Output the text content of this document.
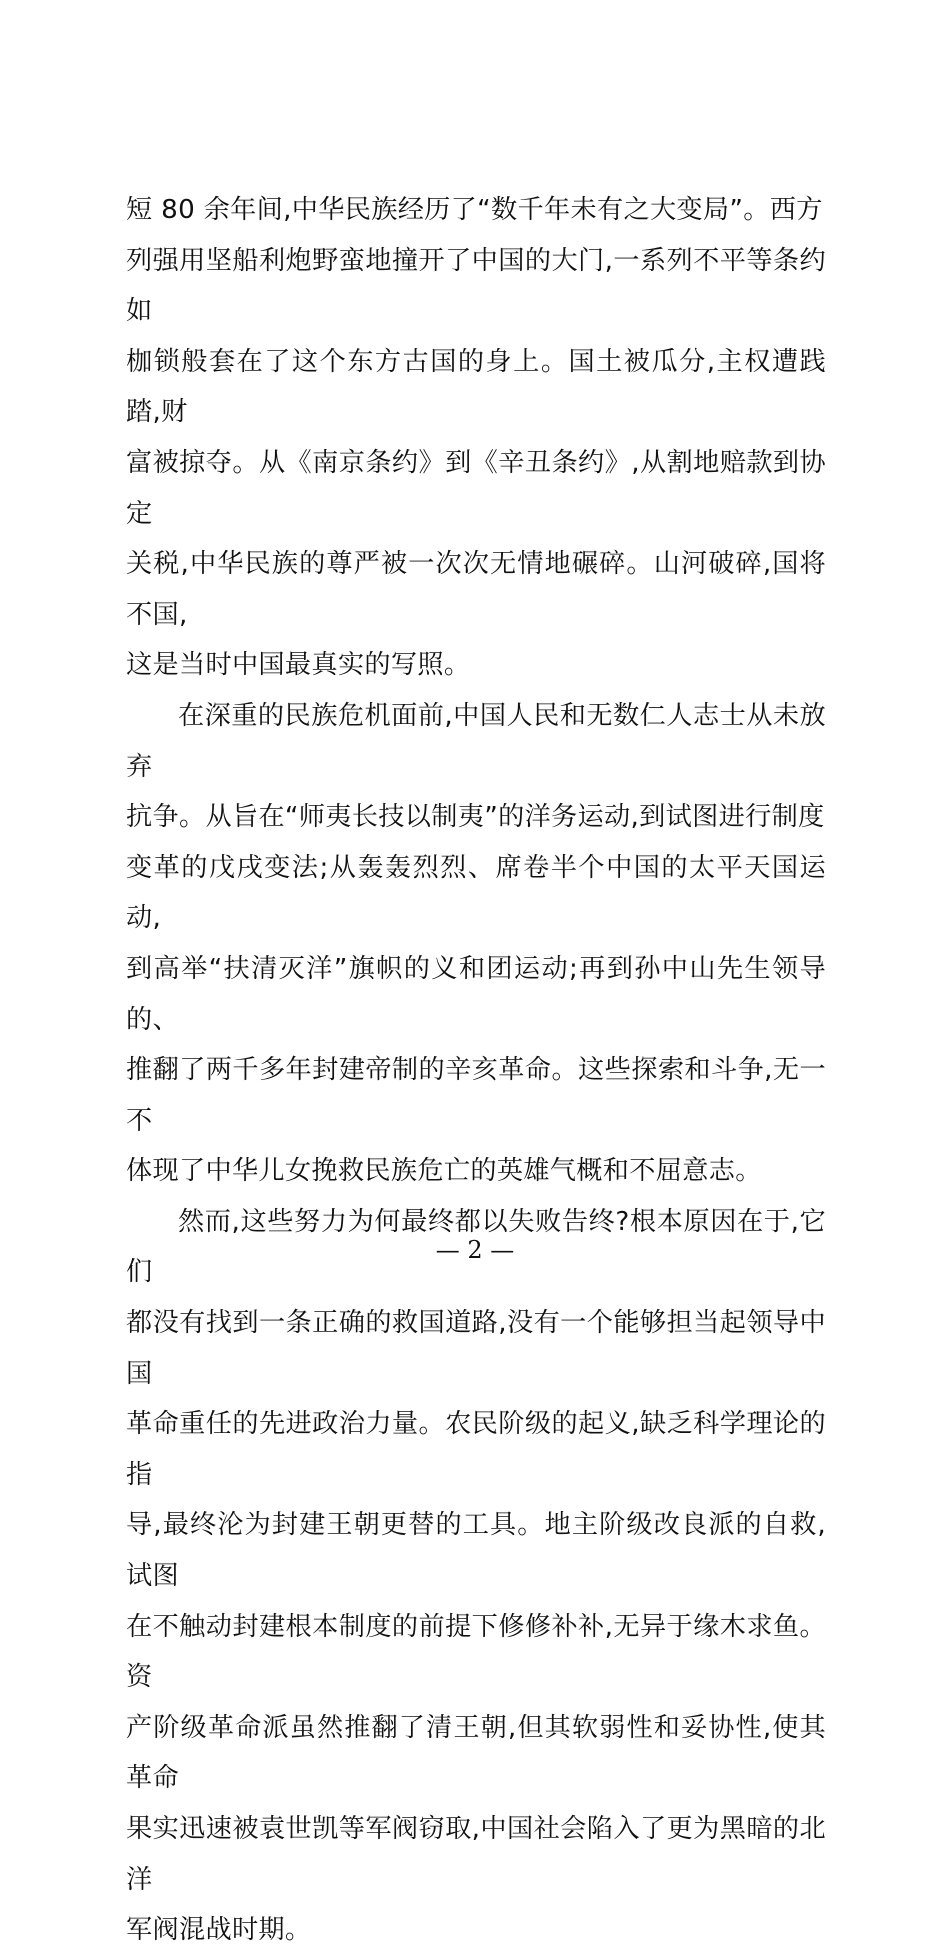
短 80 余年间,中华民族经历了“数千年未有之大变局”。西方
列强用坚船利炮野蛮地撞开了中国的大门,一系列不平等条约如
枷锁般套在了这个东方古国的身上。国土被瓜分,主权遭践踏,财
富被掠夺。从《南京条约》到《辛丑条约》,从割地赔款到协定
关税,中华民族的尊严被一次次无情地碾碎。山河破碎,国将不国,
这是当时中国最真实的写照。

在深重的民族危机面前,中国人民和无数仁人志士从未放弃
抗争。从旨在“师夷长技以制夷”的洋务运动,到试图进行制度
变革的戊戌变法;从轰轰烈烈、席卷半个中国的太平天国运动,
到高举“扶清灭洋”旗帜的义和团运动;再到孙中山先生领导的、
推翻了两千多年封建帝制的辛亥革命。这些探索和斗争,无一不
体现了中华儿女挽救民族危亡的英雄气概和不屈意志。

然而,这些努力为何最终都以失败告终?根本原因在于,它们
都没有找到一条正确的救国道路,没有一个能够担当起领导中国
革命重任的先进政治力量。农民阶级的起义,缺乏科学理论的指
导,最终沦为封建王朝更替的工具。地主阶级改良派的自救,试图
在不触动封建根本制度的前提下修修补补,无异于缘木求鱼。资
产阶级革命派虽然推翻了清王朝,但其软弱性和妥协性,使其革命
果实迅速被袁世凯等军阀窃取,中国社会陷入了更为黑暗的北洋
军阀混战时期。

— 2 —
